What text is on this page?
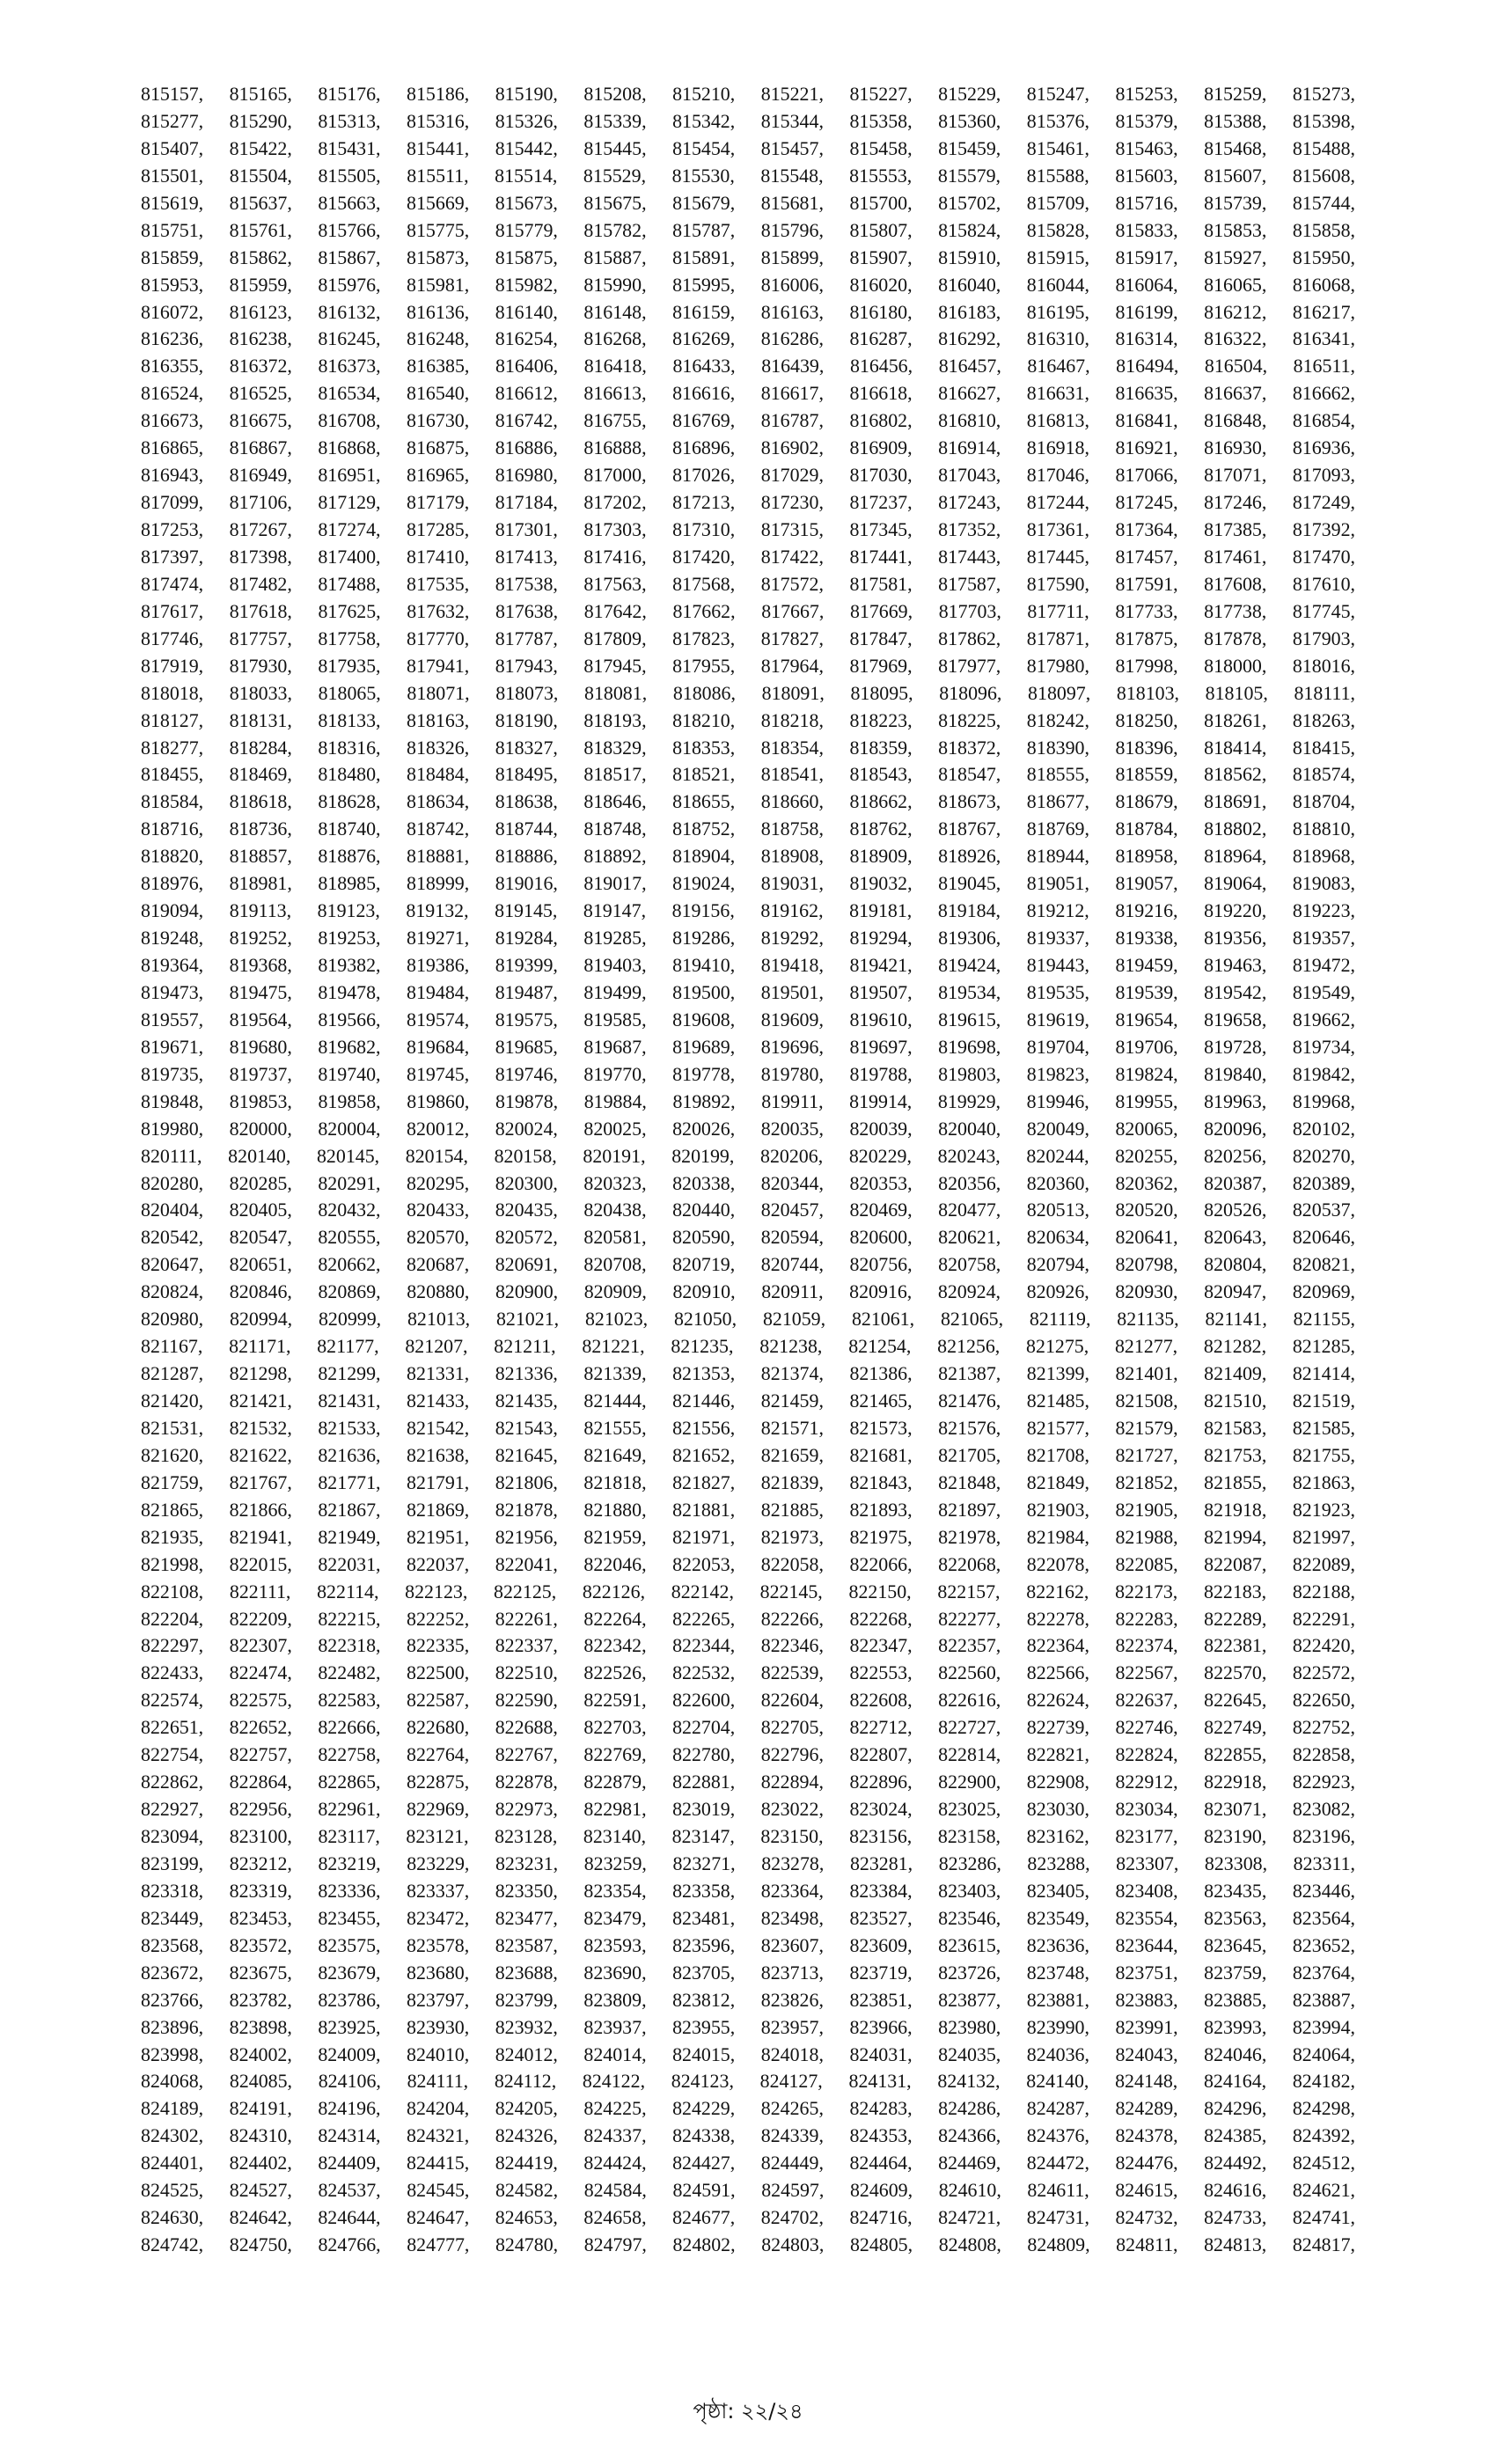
815157, 815165, 815176, 815186, 815190, 815208, 815210, 815221, 815227, 815229, 815247, 815253, 815259, 815273,
815277, 815290, 815313, 815316, 815326, 815339, 815342, 815344, 815358, 815360, 815376, 815379, 815388, 815398,
815407, 815422, 815431, 815441, 815442, 815445, 815454, 815457, 815458, 815459, 815461, 815463, 815468, 815488,
815501, 815504, 815505, 815511, 815514, 815529, 815530, 815548, 815553, 815579, 815588, 815603, 815607, 815608,
815619, 815637, 815663, 815669, 815673, 815675, 815679, 815681, 815700, 815702, 815709, 815716, 815739, 815744,
815751, 815761, 815766, 815775, 815779, 815782, 815787, 815796, 815807, 815824, 815828, 815833, 815853, 815858,
815859, 815862, 815867, 815873, 815875, 815887, 815891, 815899, 815907, 815910, 815915, 815917, 815927, 815950,
815953, 815959, 815976, 815981, 815982, 815990, 815995, 816006, 816020, 816040, 816044, 816064, 816065, 816068,
816072, 816123, 816132, 816136, 816140, 816148, 816159, 816163, 816180, 816183, 816195, 816199, 816212, 816217,
816236, 816238, 816245, 816248, 816254, 816268, 816269, 816286, 816287, 816292, 816310, 816314, 816322, 816341,
816355, 816372, 816373, 816385, 816406, 816418, 816433, 816439, 816456, 816457, 816467, 816494, 816504, 816511,
816524, 816525, 816534, 816540, 816612, 816613, 816616, 816617, 816618, 816627, 816631, 816635, 816637, 816662,
816673, 816675, 816708, 816730, 816742, 816755, 816769, 816787, 816802, 816810, 816813, 816841, 816848, 816854,
816865, 816867, 816868, 816875, 816886, 816888, 816896, 816902, 816909, 816914, 816918, 816921, 816930, 816936,
816943, 816949, 816951, 816965, 816980, 817000, 817026, 817029, 817030, 817043, 817046, 817066, 817071, 817093,
817099, 817106, 817129, 817179, 817184, 817202, 817213, 817230, 817237, 817243, 817244, 817245, 817246, 817249,
817253, 817267, 817274, 817285, 817301, 817303, 817310, 817315, 817345, 817352, 817361, 817364, 817385, 817392,
817397, 817398, 817400, 817410, 817413, 817416, 817420, 817422, 817441, 817443, 817445, 817457, 817461, 817470,
817474, 817482, 817488, 817535, 817538, 817563, 817568, 817572, 817581, 817587, 817590, 817591, 817608, 817610,
817617, 817618, 817625, 817632, 817638, 817642, 817662, 817667, 817669, 817703, 817711, 817733, 817738, 817745,
817746, 817757, 817758, 817770, 817787, 817809, 817823, 817827, 817847, 817862, 817871, 817875, 817878, 817903,
817919, 817930, 817935, 817941, 817943, 817945, 817955, 817964, 817969, 817977, 817980, 817998, 818000, 818016,
818018, 818033, 818065, 818071, 818073, 818081, 818086, 818091, 818095, 818096, 818097, 818103, 818105, 818111,
818127, 818131, 818133, 818163, 818190, 818193, 818210, 818218, 818223, 818225, 818242, 818250, 818261, 818263,
818277, 818284, 818316, 818326, 818327, 818329, 818353, 818354, 818359, 818372, 818390, 818396, 818414, 818415,
818455, 818469, 818480, 818484, 818495, 818517, 818521, 818541, 818543, 818547, 818555, 818559, 818562, 818574,
818584, 818618, 818628, 818634, 818638, 818646, 818655, 818660, 818662, 818673, 818677, 818679, 818691, 818704,
818716, 818736, 818740, 818742, 818744, 818748, 818752, 818758, 818762, 818767, 818769, 818784, 818802, 818810,
818820, 818857, 818876, 818881, 818886, 818892, 818904, 818908, 818909, 818926, 818944, 818958, 818964, 818968,
818976, 818981, 818985, 818999, 819016, 819017, 819024, 819031, 819032, 819045, 819051, 819057, 819064, 819083,
819094, 819113, 819123, 819132, 819145, 819147, 819156, 819162, 819181, 819184, 819212, 819216, 819220, 819223,
819248, 819252, 819253, 819271, 819284, 819285, 819286, 819292, 819294, 819306, 819337, 819338, 819356, 819357,
819364, 819368, 819382, 819386, 819399, 819403, 819410, 819418, 819421, 819424, 819443, 819459, 819463, 819472,
819473, 819475, 819478, 819484, 819487, 819499, 819500, 819501, 819507, 819534, 819535, 819539, 819542, 819549,
819557, 819564, 819566, 819574, 819575, 819585, 819608, 819609, 819610, 819615, 819619, 819654, 819658, 819662,
819671, 819680, 819682, 819684, 819685, 819687, 819689, 819696, 819697, 819698, 819704, 819706, 819728, 819734,
819735, 819737, 819740, 819745, 819746, 819770, 819778, 819780, 819788, 819803, 819823, 819824, 819840, 819842,
819848, 819853, 819858, 819860, 819878, 819884, 819892, 819911, 819914, 819929, 819946, 819955, 819963, 819968,
819980, 820000, 820004, 820012, 820024, 820025, 820026, 820035, 820039, 820040, 820049, 820065, 820096, 820102,
820111, 820140, 820145, 820154, 820158, 820191, 820199, 820206, 820229, 820243, 820244, 820255, 820256, 820270,
820280, 820285, 820291, 820295, 820300, 820323, 820338, 820344, 820353, 820356, 820360, 820362, 820387, 820389,
820404, 820405, 820432, 820433, 820435, 820438, 820440, 820457, 820469, 820477, 820513, 820520, 820526, 820537,
820542, 820547, 820555, 820570, 820572, 820581, 820590, 820594, 820600, 820621, 820634, 820641, 820643, 820646,
820647, 820651, 820662, 820687, 820691, 820708, 820719, 820744, 820756, 820758, 820794, 820798, 820804, 820821,
820824, 820846, 820869, 820880, 820900, 820909, 820910, 820911, 820916, 820924, 820926, 820930, 820947, 820969,
820980, 820994, 820999, 821013, 821021, 821023, 821050, 821059, 821061, 821065, 821119, 821135, 821141, 821155,
821167, 821171, 821177, 821207, 821211, 821221, 821235, 821238, 821254, 821256, 821275, 821277, 821282, 821285,
821287, 821298, 821299, 821331, 821336, 821339, 821353, 821374, 821386, 821387, 821399, 821401, 821409, 821414,
821420, 821421, 821431, 821433, 821435, 821444, 821446, 821459, 821465, 821476, 821485, 821508, 821510, 821519,
821531, 821532, 821533, 821542, 821543, 821555, 821556, 821571, 821573, 821576, 821577, 821579, 821583, 821585,
821620, 821622, 821636, 821638, 821645, 821649, 821652, 821659, 821681, 821705, 821708, 821727, 821753, 821755,
821759, 821767, 821771, 821791, 821806, 821818, 821827, 821839, 821843, 821848, 821849, 821852, 821855, 821863,
821865, 821866, 821867, 821869, 821878, 821880, 821881, 821885, 821893, 821897, 821903, 821905, 821918, 821923,
821935, 821941, 821949, 821951, 821956, 821959, 821971, 821973, 821975, 821978, 821984, 821988, 821994, 821997,
821998, 822015, 822031, 822037, 822041, 822046, 822053, 822058, 822066, 822068, 822078, 822085, 822087, 822089,
822108, 822111, 822114, 822123, 822125, 822126, 822142, 822145, 822150, 822157, 822162, 822173, 822183, 822188,
822204, 822209, 822215, 822252, 822261, 822264, 822265, 822266, 822268, 822277, 822278, 822283, 822289, 822291,
822297, 822307, 822318, 822335, 822337, 822342, 822344, 822346, 822347, 822357, 822364, 822374, 822381, 822420,
822433, 822474, 822482, 822500, 822510, 822526, 822532, 822539, 822553, 822560, 822566, 822567, 822570, 822572,
822574, 822575, 822583, 822587, 822590, 822591, 822600, 822604, 822608, 822616, 822624, 822637, 822645, 822650,
822651, 822652, 822666, 822680, 822688, 822703, 822704, 822705, 822712, 822727, 822739, 822746, 822749, 822752,
822754, 822757, 822758, 822764, 822767, 822769, 822780, 822796, 822807, 822814, 822821, 822824, 822855, 822858,
822862, 822864, 822865, 822875, 822878, 822879, 822881, 822894, 822896, 822900, 822908, 822912, 822918, 822923,
822927, 822956, 822961, 822969, 822973, 822981, 823019, 823022, 823024, 823025, 823030, 823034, 823071, 823082,
823094, 823100, 823117, 823121, 823128, 823140, 823147, 823150, 823156, 823158, 823162, 823177, 823190, 823196,
823199, 823212, 823219, 823229, 823231, 823259, 823271, 823278, 823281, 823286, 823288, 823307, 823308, 823311,
823318, 823319, 823336, 823337, 823350, 823354, 823358, 823364, 823384, 823403, 823405, 823408, 823435, 823446,
823449, 823453, 823455, 823472, 823477, 823479, 823481, 823498, 823527, 823546, 823549, 823554, 823563, 823564,
823568, 823572, 823575, 823578, 823587, 823593, 823596, 823607, 823609, 823615, 823636, 823644, 823645, 823652,
823672, 823675, 823679, 823680, 823688, 823690, 823705, 823713, 823719, 823726, 823748, 823751, 823759, 823764,
823766, 823782, 823786, 823797, 823799, 823809, 823812, 823826, 823851, 823877, 823881, 823883, 823885, 823887,
823896, 823898, 823925, 823930, 823932, 823937, 823955, 823957, 823966, 823980, 823990, 823991, 823993, 823994,
823998, 824002, 824009, 824010, 824012, 824014, 824015, 824018, 824031, 824035, 824036, 824043, 824046, 824064,
824068, 824085, 824106, 824111, 824112, 824122, 824123, 824127, 824131, 824132, 824140, 824148, 824164, 824182,
824189, 824191, 824196, 824204, 824205, 824225, 824229, 824265, 824283, 824286, 824287, 824289, 824296, 824298,
824302, 824310, 824314, 824321, 824326, 824337, 824338, 824339, 824353, 824366, 824376, 824378, 824385, 824392,
824401, 824402, 824409, 824415, 824419, 824424, 824427, 824449, 824464, 824469, 824472, 824476, 824492, 824512,
824525, 824527, 824537, 824545, 824582, 824584, 824591, 824597, 824609, 824610, 824611, 824615, 824616, 824621,
824630, 824642, 824644, 824647, 824653, 824658, 824677, 824702, 824716, 824721, 824731, 824732, 824733, 824741,
824742, 824750, 824766, 824777, 824780, 824797, 824802, 824803, 824805, 824808, 824809, 824811, 824813, 824817,
পৃষ্ঠা: ২২/২৪
